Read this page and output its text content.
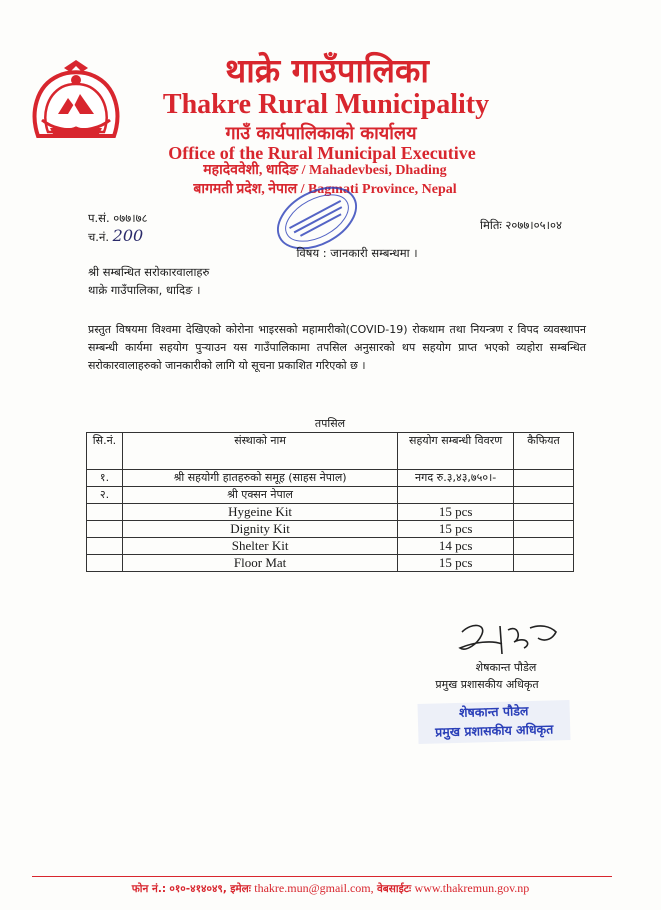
थाक्रे गाउँपालिका
Thakre Rural Municipality
गाउँ कार्यपालिकाको कार्यालय
Office of the Rural Municipal Executive
महादेववेशी, धादिङ / Mahadevbesi, Dhading
बागमती प्रदेश, नेपाल / Bagmati Province, Nepal
प.सं. ०७७।७८
च.नं. 200
मितिः २०७७।०५।०४
विषय : जानकारी सम्बन्धमा ।
श्री सम्बन्धित सरोकारवालाहरु
थाक्रे गाउँपालिका, धादिङ ।
प्रस्तुत विषयमा विश्वमा देखिएको कोरोना भाइरसको महामारीको(COVID-19) रोकथाम तथा नियन्त्रण र विपद व्यवस्थापन सम्बन्धी कार्यमा सहयोग पुऱ्याउन यस गाउँपालिकामा तपसिल अनुसारको थप सहयोग प्राप्त भएको व्यहोरा सम्बन्धित सरोकारवालाहरुको जानकारीको लागि यो सूचना प्रकाशित गरिएको छ ।
तपसिल
सि.नं.	संस्थाको नाम	सहयोग सम्बन्धी विवरण	कैफियत
१.	श्री सहयोगी हातहरुको समूह (साहस नेपाल)	नगद रु.३,४३,७५०।-	
२.	श्री एक्सन नेपाल		
	Hygeine Kit	15 pcs	
	Dignity Kit	15 pcs	
	Shelter Kit	14 pcs	
	Floor Mat	15 pcs	
शेषकान्त पौडेल
प्रमुख प्रशासकीय अधिकृत
शेषकान्त पौडेल
प्रमुख प्रशासकीय अधिकृत
फोन नं.: ०१०-४१४०४९, इमेलः thakre.mun@gmail.com, वेबसाईटः www.thakremun.gov.np
